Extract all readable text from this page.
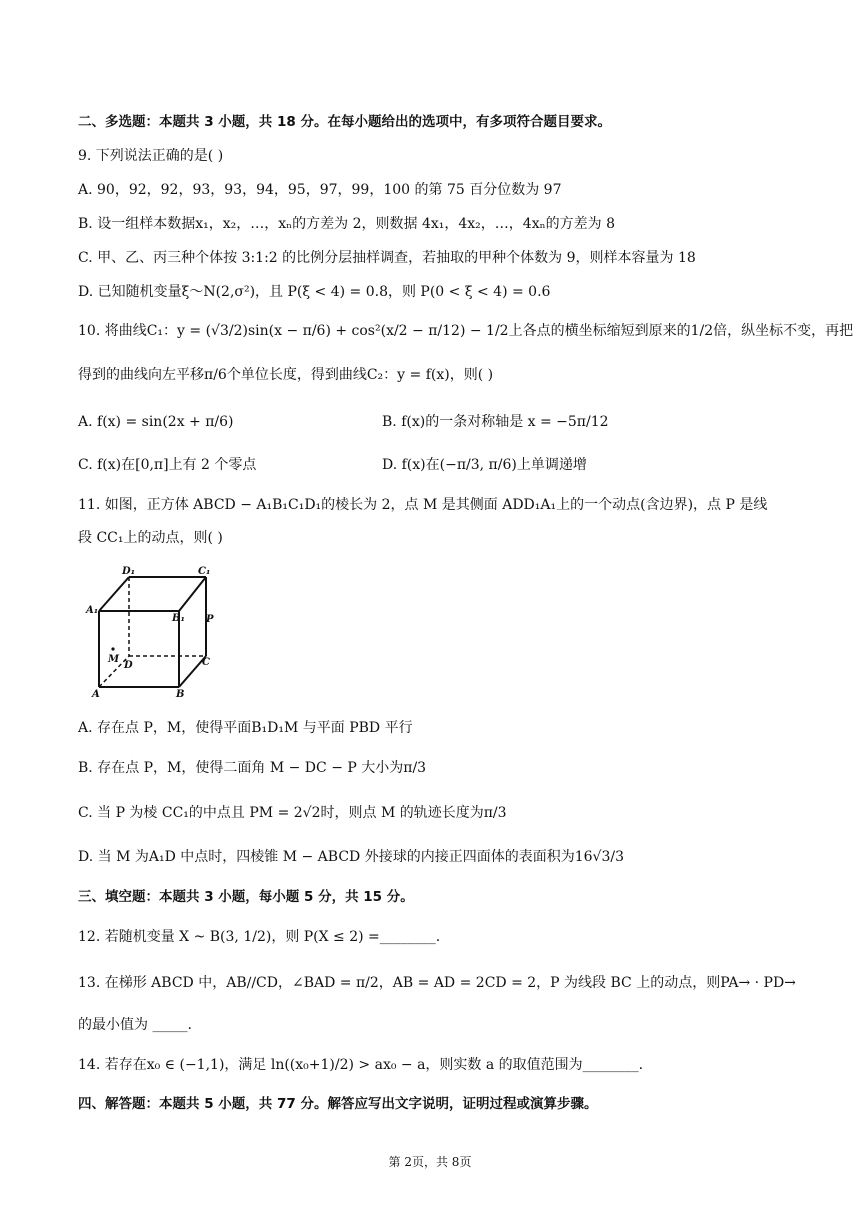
二、多选题：本题共 3 小题，共 18 分。在每小题给出的选项中，有多项符合题目要求。
9. 下列说法正确的是( )
A. 90，92，92，93，93，94，95，97，99，100 的第 75 百分位数为 97
B. 设一组样本数据x₁，x₂，…，xₙ的方差为 2，则数据 4x₁，4x₂，…，4xₙ的方差为 8
C. 甲、乙、丙三种个体按 3:1:2 的比例分层抽样调查，若抽取的甲种个体数为 9，则样本容量为 18
D. 已知随机变量ξ～N(2,σ²)，且 P(ξ < 4) = 0.8，则 P(0 < ξ < 4) = 0.6
10. 将曲线C₁：y = (√3/2)sin(x − π/6) + cos²(x/2 − π/12) − 1/2上各点的横坐标缩短到原来的1/2倍，纵坐标不变，再把
得到的曲线向左平移π/6个单位长度，得到曲线C₂：y = f(x)，则( )
A. f(x) = sin(2x + π/6)	B. f(x)的一条对称轴是 x = −5π/12
C. f(x)在[0,π]上有 2 个零点	D. f(x)在(−π/3, π/6)上单调递增
11. 如图，正方体 ABCD − A₁B₁C₁D₁的棱长为 2，点 M 是其侧面 ADD₁A₁上的一个动点(含边界)，点 P 是线
段 CC₁上的动点，则( )
D₁	C₁
A₁
B₁ P
M
D	C
A	B
A. 存在点 P，M，使得平面B₁D₁M 与平面 PBD 平行
B. 存在点 P，M，使得二面角 M − DC − P 大小为π/3
C. 当 P 为棱 CC₁的中点且 PM = 2√2时，则点 M 的轨迹长度为π/3
D. 当 M 为A₁D 中点时，四棱锥 M − ABCD 外接球的内接正四面体的表面积为16√3/3
三、填空题：本题共 3 小题，每小题 5 分，共 15 分。
12. 若随机变量 X ~ B(3, 1/2)，则 P(X ≤ 2) =________.
13. 在梯形 ABCD 中，AB∕∕CD，∠BAD = π/2，AB = AD = 2CD = 2，P 为线段 BC 上的动点，则PA→ · PD→
的最小值为 _____.
14. 若存在x₀ ∈ (−1,1)，满足 ln((x₀+1)/2) > ax₀ − a，则实数 a 的取值范围为________.
四、解答题：本题共 5 小题，共 77 分。解答应写出文字说明，证明过程或演算步骤。
第 2页，共 8页
